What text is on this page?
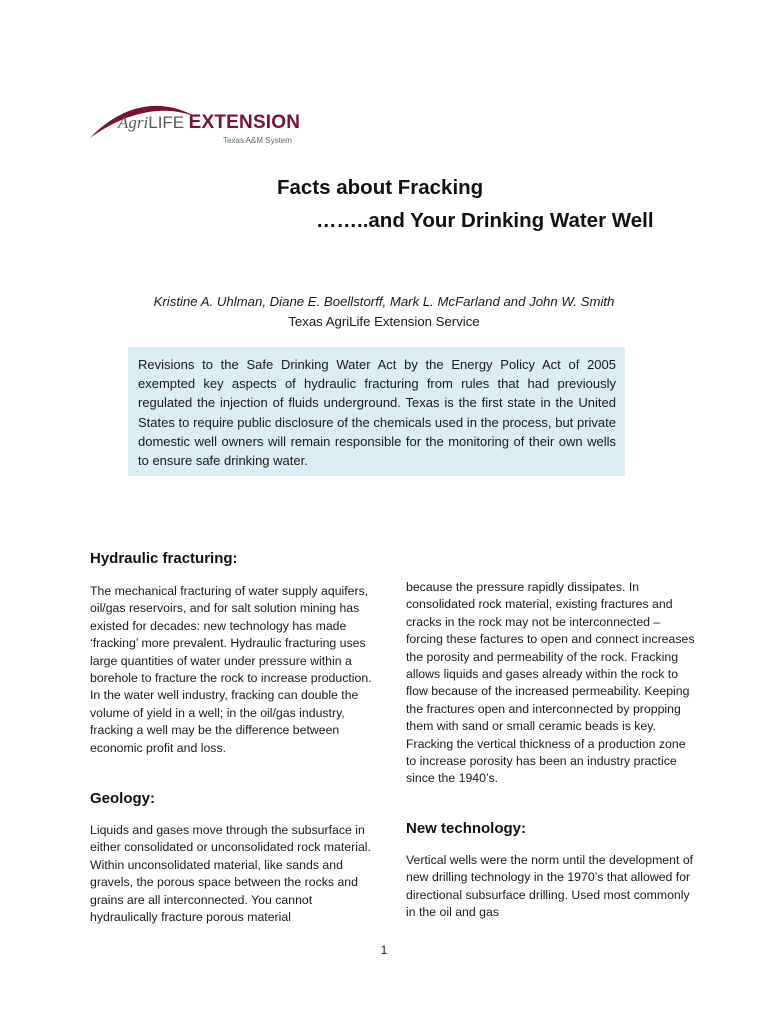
AgriLIFE EXTENSION
Texas A&M System
Facts about Fracking
……..and Your Drinking Water Well
Kristine A. Uhlman, Diane E. Boellstorff, Mark L. McFarland and John W. Smith
Texas AgriLife Extension Service

Revisions to the Safe Drinking Water Act by the Energy Policy Act of 2005 exempted key aspects of hydraulic fracturing from rules that had previously regulated the injection of fluids underground. Texas is the first state in the United States to require public disclosure of the chemicals used in the process, but private domestic well owners will remain responsible for the monitoring of their own wells to ensure safe drinking water.

Hydraulic fracturing:

The mechanical fracturing of water supply aquifers, oil/gas reservoirs, and for salt solution mining has existed for decades: new technology has made ‘fracking’ more prevalent. Hydraulic fracturing uses large quantities of water under pressure within a borehole to fracture the rock to increase production. In the water well industry, fracking can double the volume of yield in a well; in the oil/gas industry, fracking a well may be the difference between economic profit and loss.

Geology:

Liquids and gases move through the subsurface in either consolidated or unconsolidated rock material. Within unconsolidated material, like sands and gravels, the porous space between the rocks and grains are all interconnected. You cannot hydraulically fracture porous material

because the pressure rapidly dissipates. In consolidated rock material, existing fractures and cracks in the rock may not be interconnected – forcing these factures to open and connect increases the porosity and permeability of the rock. Fracking allows liquids and gases already within the rock to flow because of the increased permeability. Keeping the fractures open and interconnected by propping them with sand or small ceramic beads is key. Fracking the vertical thickness of a production zone to increase porosity has been an industry practice since the 1940’s.

New technology:

Vertical wells were the norm until the development of new drilling technology in the 1970’s that allowed for directional subsurface drilling. Used most commonly in the oil and gas

1
